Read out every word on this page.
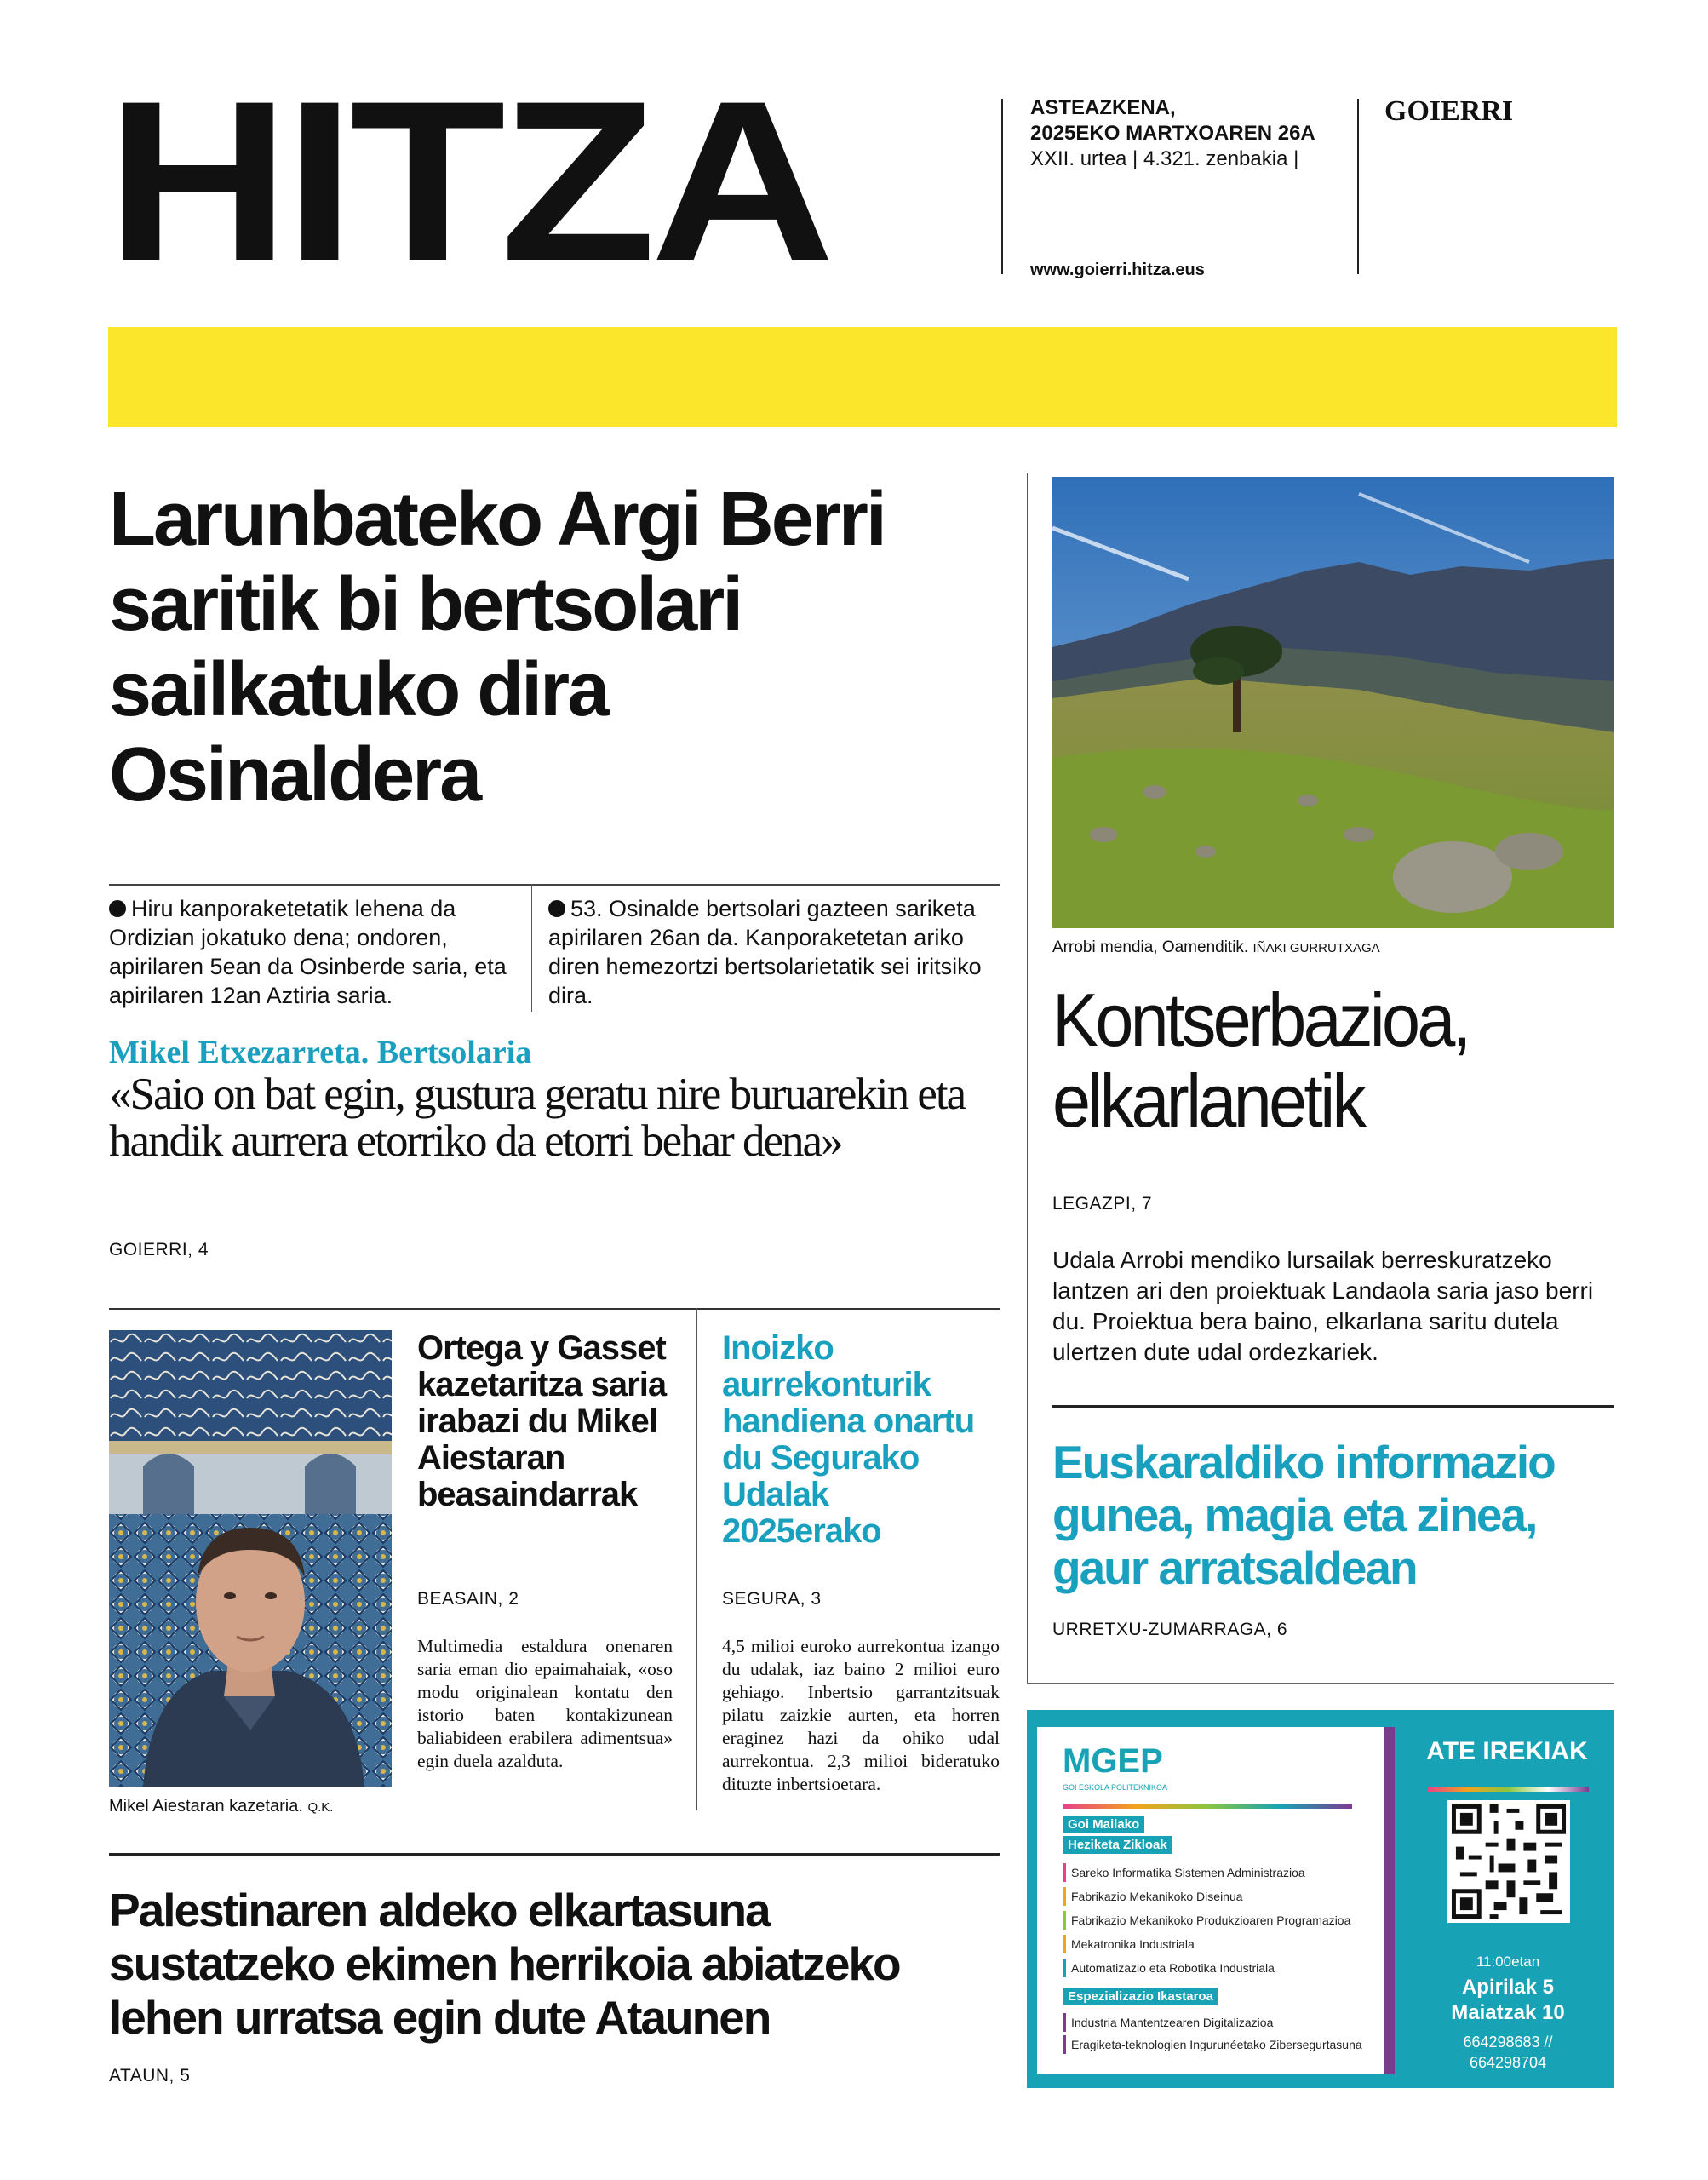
HITZA	ASTEAZKENA,
2025EKO MARTXOAREN 26A
XXII. urtea | 4.321. zenbakia |
www.goierri.hitza.eus
GOIERRI
Larunbateko Argi Berri saritik bi bertsolari sailkatuko dira Osinaldera
Hiru kanporaketetatik lehena da Ordizian jokatuko dena; ondoren, apirilaren 5ean da Osinberde saria, eta apirilaren 12an Aztiria saria.
53. Osinalde bertsolari gazteen sariketa apirilaren 26an da. Kanporaketetan ariko diren hemezortzi bertsolarietatik sei iritsiko dira.
Mikel Etxezarreta. Bertsolaria
«Saio on bat egin, gustura geratu nire buruarekin eta handik aurrera etorriko da etorri behar dena»
GOIERRI, 4
Mikel Aiestaran kazetaria. Q.K.
Ortega y Gasset kazetaritza saria irabazi du Mikel Aiestaran beasaindarrak
BEASAIN, 2
Multimedia estaldura onenaren saria eman dio epaimahaiak, «oso modu originalean kontatu den istorio baten kontakizunean baliabideen erabilera adimentsua» egin duela azalduta.
Inoizko aurrekonturik handiena onartu du Segurako Udalak 2025erako
SEGURA, 3
4,5 milioi euroko aurrekontua izango du udalak, iaz baino 2 milioi euro gehiago. Inbertsio garrantzitsuak pilatu zaizkie aurten, eta horren eraginez hazi da ohiko udal aurrekontua. 2,3 milioi bideratuko dituzte inbertsioetara.
Palestinaren aldeko elkartasuna sustatzeko ekimen herrikoia abiatzeko lehen urratsa egin dute Ataunen
ATAUN, 5
Arrobi mendia, Oamenditik. IÑAKI GURRUTXAGA
Kontserbazioa, elkarlanetik
LEGAZPI, 7
Udala Arrobi mendiko lursailak berreskuratzeko lantzen ari den proiektuak Landaola saria jaso berri du. Proiektua bera baino, elkarlana saritu dutela ulertzen dute udal ordezkariek.
Euskaraldiko informazio gunea, magia eta zinea, gaur arratsaldean
URRETXU-ZUMARRAGA, 6
MGEP
GOI ESKOLA POLITEKNIKOA
Goi Mailako
Heziketa Zikloak
Sareko Informatika Sistemen Administrazioa
Fabrikazio Mekanikoko Diseinua
Fabrikazio Mekanikoko Produkzioaren Programazioa
Mekatronika Industriala
Automatizazio eta Robotika Industriala
Espezializazio Ikastaroa
Industria Mantentzearen Digitalizazioa
Eragiketa-teknologien Ingurunéetako Zibersegurtasuna
ATE IREKIAK
11:00etan
Apirilak 5
Maiatzak 10
664298683 //
664298704
